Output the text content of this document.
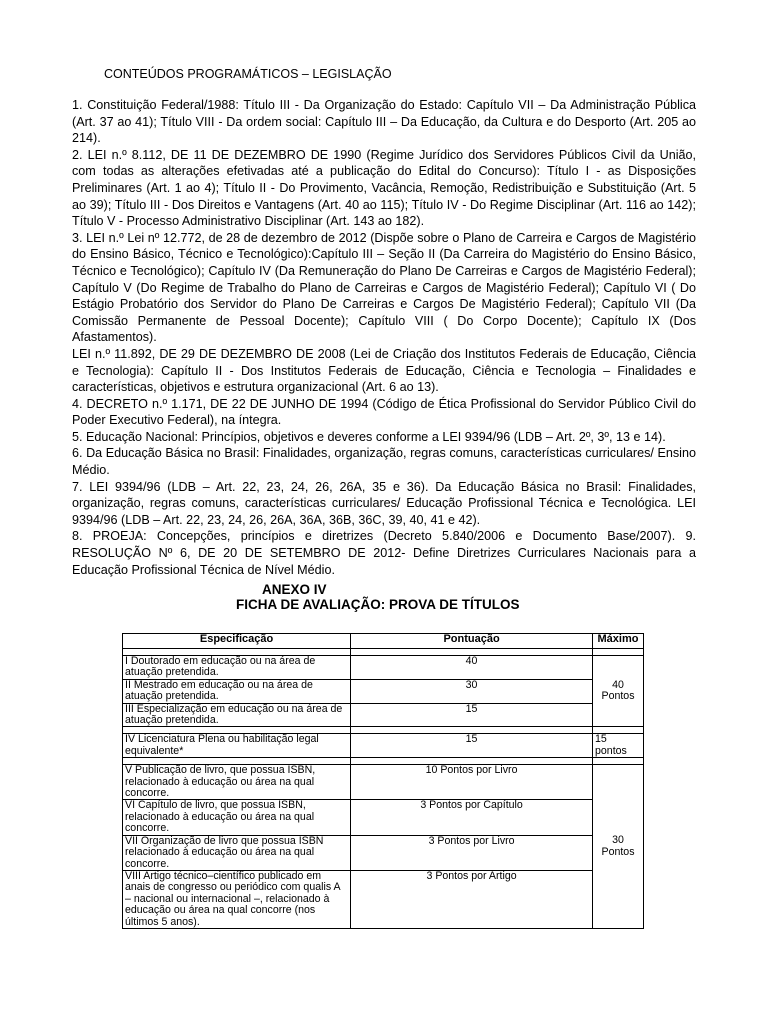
CONTEÚDOS PROGRAMÁTICOS – LEGISLAÇÃO

1. Constituição Federal/1988: Título III - Da Organização do Estado: Capítulo VII – Da Administração Pública (Art. 37 ao 41); Título VIII - Da ordem social: Capítulo III – Da Educação, da Cultura e do Desporto (Art. 205 ao 214).

2. LEI n.º 8.112, DE 11 DE DEZEMBRO DE 1990 (Regime Jurídico dos Servidores Públicos Civil da União, com todas as alterações efetivadas até a publicação do Edital do Concurso): Título I - as Disposições Preliminares (Art. 1 ao 4); Título II - Do Provimento, Vacância, Remoção, Redistribuição e Substituição (Art. 5 ao 39); Título III - Dos Direitos e Vantagens (Art. 40 ao 115); Título IV - Do Regime Disciplinar (Art. 116 ao 142); Título V - Processo Administrativo Disciplinar (Art. 143 ao 182).

3. LEI n.º Lei nº 12.772, de 28 de dezembro de 2012 (Dispõe sobre o Plano de Carreira e Cargos de Magistério do Ensino Básico, Técnico e Tecnológico):Capítulo III – Seção II (Da Carreira do Magistério do Ensino Básico, Técnico e Tecnológico); Capítulo IV (Da Remuneração do Plano De Carreiras e Cargos de Magistério Federal); Capítulo V (Do Regime de Trabalho do Plano de Carreiras e Cargos de Magistério Federal); Capítulo VI ( Do Estágio Probatório dos Servidor do Plano De Carreiras e Cargos De Magistério Federal); Capítulo VII (Da Comissão Permanente de Pessoal Docente); Capítulo VIII ( Do Corpo Docente); Capítulo IX (Dos Afastamentos).

LEI n.º 11.892, DE 29 DE DEZEMBRO DE 2008 (Lei de Criação dos Institutos Federais de Educação, Ciência e Tecnologia): Capítulo II - Dos Institutos Federais de Educação, Ciência e Tecnologia – Finalidades e características, objetivos e estrutura organizacional (Art. 6 ao 13).

4. DECRETO n.º 1.171, DE 22 DE JUNHO DE 1994 (Código de Ética Profissional do Servidor Público Civil do Poder Executivo Federal), na íntegra.

5. Educação Nacional: Princípios, objetivos e deveres conforme a LEI 9394/96 (LDB – Art. 2º, 3º, 13 e 14).

6. Da Educação Básica no Brasil: Finalidades, organização, regras comuns, características curriculares/ Ensino Médio.

7. LEI 9394/96 (LDB – Art. 22, 23, 24, 26, 26A, 35 e 36). Da Educação Básica no Brasil: Finalidades, organização, regras comuns, características curriculares/ Educação Profissional Técnica e Tecnológica. LEI 9394/96 (LDB – Art. 22, 23, 24, 26, 26A, 36A, 36B, 36C, 39, 40, 41 e 42).

8. PROEJA: Concepções, princípios e diretrizes (Decreto 5.840/2006 e Documento Base/2007). 9. RESOLUÇÃO Nº 6, DE 20 DE SETEMBRO DE 2012- Define Diretrizes Curriculares Nacionais para a Educação Profissional Técnica de Nível Médio.

ANEXO IV
FICHA DE AVALIAÇÃO: PROVA DE TÍTULOS
Especificação	Pontuação	Máximo

I Doutorado em educação ou na área de atuação pretendida.	40	40 Pontos
II Mestrado em educação ou na área de atuação pretendida.	30	
III Especialização em educação ou na área de atuação pretendida.	15	

IV Licenciatura Plena ou habilitação legal equivalente*	15	15 pontos

V Publicação de livro, que possua ISBN, relacionado à educação ou área na qual concorre.	10 Pontos por Livro	30 Pontos
VI Capítulo de livro, que possua ISBN, relacionado à educação ou área na qual concorre.	3 Pontos por Capítulo	
VII Organização de livro que possua ISBN relacionado à educação ou área na qual concorre.	3 Pontos por Livro	
VIII Artigo técnico–científico publicado em anais de congresso ou periódico com qualis A – nacional ou internacional –, relacionado à educação ou área na qual concorre (nos últimos 5 anos).	3 Pontos por Artigo	
